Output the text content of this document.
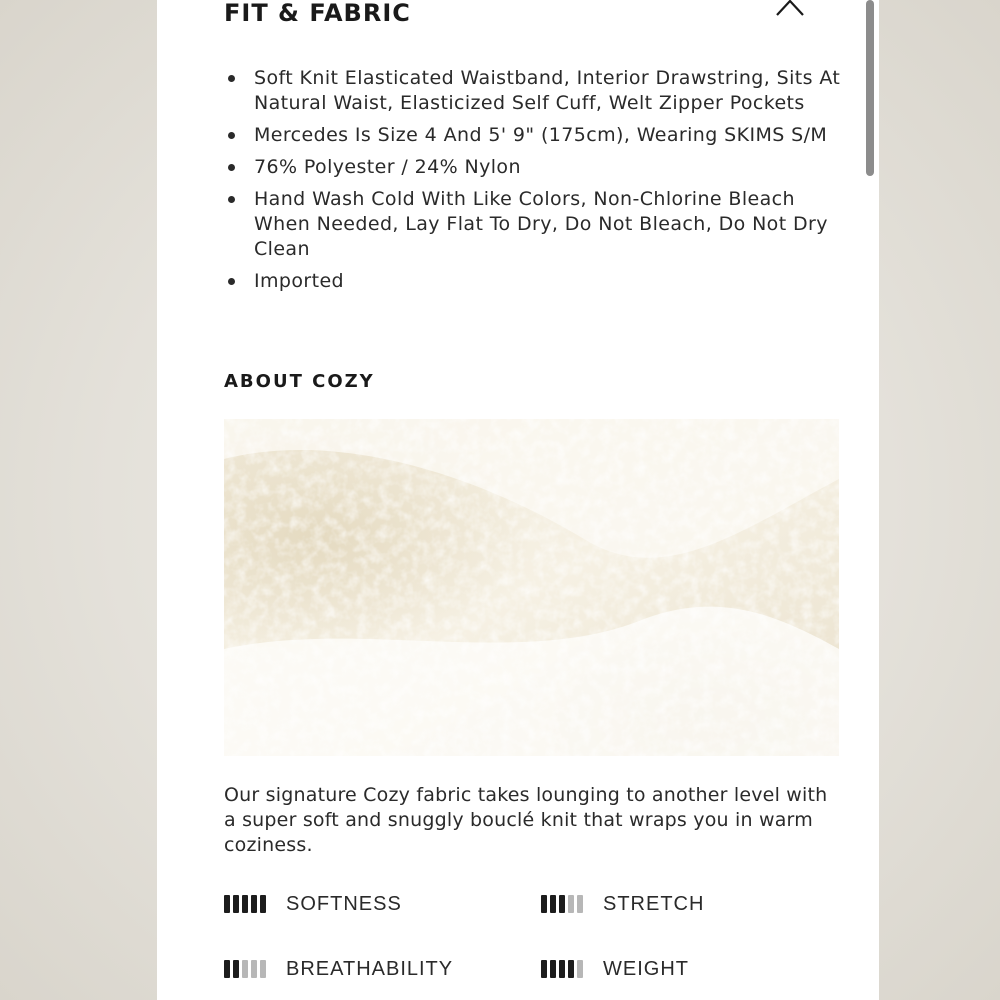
FIT & FABRIC
Soft Knit Elasticated Waistband, Interior Drawstring, Sits At Natural Waist, Elasticized Self Cuff, Welt Zipper Pockets
Mercedes Is Size 4 And 5' 9" (175cm), Wearing SKIMS S/M
76% Polyester / 24% Nylon
Hand Wash Cold With Like Colors, Non-Chlorine Bleach When Needed, Lay Flat To Dry, Do Not Bleach, Do Not Dry Clean
Imported
ABOUT COZY
Our signature Cozy fabric takes lounging to another level with a super soft and snuggly bouclé knit that wraps you in warm coziness.
SOFTNESS	STRETCH
BREATHABILITY	WEIGHT
